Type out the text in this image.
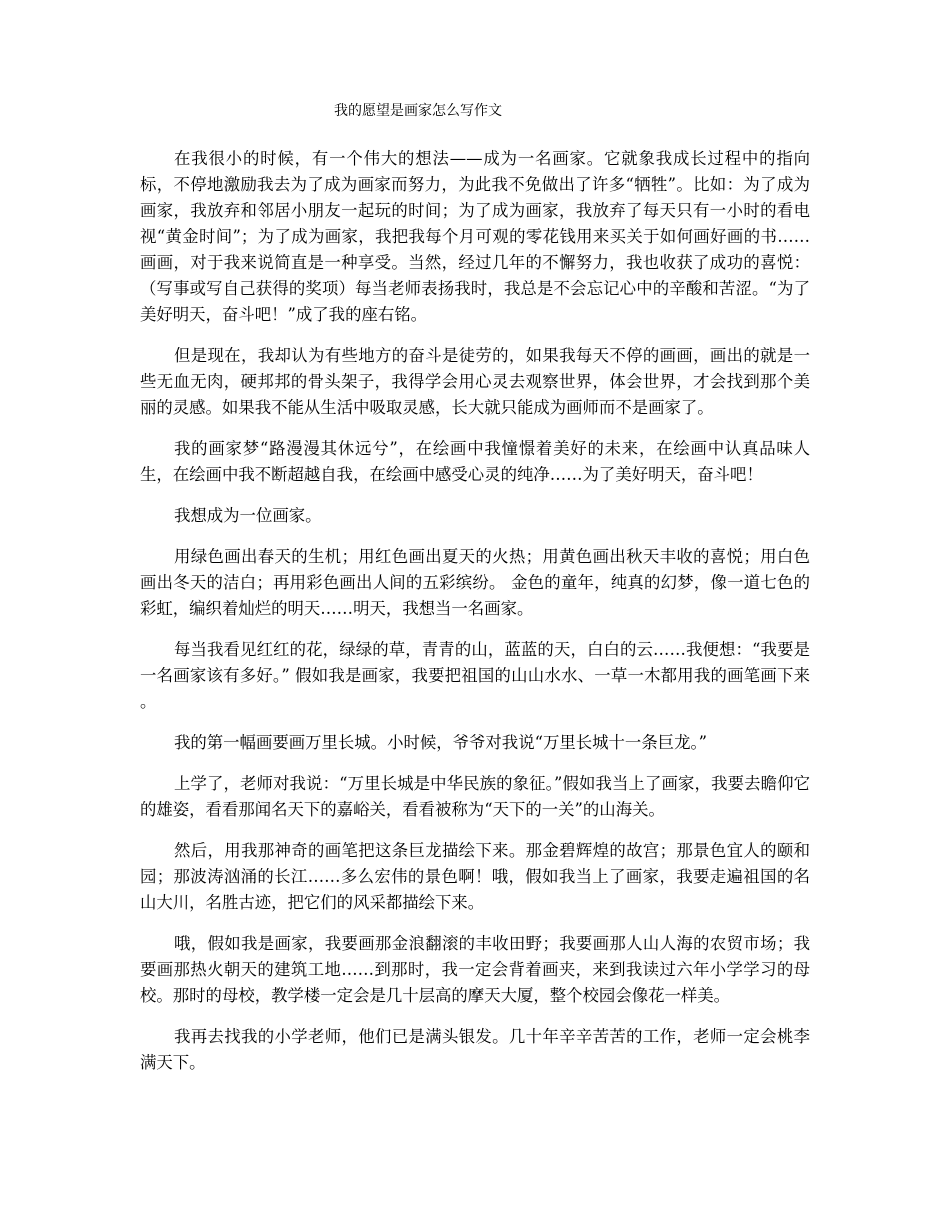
我的愿望是画家怎么写作文

在我很小的时候，有一个伟大的想法——成为一名画家。它就象我成长过程中的指向标，不停地激励我去为了成为画家而努力，为此我不免做出了许多“牺牲”。比如：为了成为画家，我放弃和邻居小朋友一起玩的时间；为了成为画家，我放弃了每天只有一小时的看电视“黄金时间”；为了成为画家，我把我每个月可观的零花钱用来买关于如何画好画的书……画画，对于我来说简直是一种享受。当然，经过几年的不懈努力，我也收获了成功的喜悦：（写事或写自己获得的奖项）每当老师表扬我时，我总是不会忘记心中的辛酸和苦涩。“为了美好明天，奋斗吧！”成了我的座右铭。

但是现在，我却认为有些地方的奋斗是徒劳的，如果我每天不停的画画，画出的就是一些无血无肉，硬邦邦的骨头架子，我得学会用心灵去观察世界，体会世界，才会找到那个美丽的灵感。如果我不能从生活中吸取灵感，长大就只能成为画师而不是画家了。

我的画家梦“路漫漫其休远兮”，在绘画中我憧憬着美好的未来，在绘画中认真品味人生，在绘画中我不断超越自我，在绘画中感受心灵的纯净……为了美好明天，奋斗吧！

我想成为一位画家。

用绿色画出春天的生机；用红色画出夏天的火热；用黄色画出秋天丰收的喜悦；用白色画出冬天的洁白；再用彩色画出人间的五彩缤纷。 金色的童年，纯真的幻梦，像一道七色的彩虹，编织着灿烂的明天……明天，我想当一名画家。

每当我看见红红的花，绿绿的草，青青的山，蓝蓝的天，白白的云……我便想：“我要是一名画家该有多好。” 假如我是画家，我要把祖国的山山水水、一草一木都用我的画笔画下来 。

我的第一幅画要画万里长城。小时候，爷爷对我说“万里长城十一条巨龙。”

上学了，老师对我说：“万里长城是中华民族的象征。”假如我当上了画家，我要去瞻仰它的雄姿，看看那闻名天下的嘉峪关，看看被称为“天下的一关”的山海关。

然后，用我那神奇的画笔把这条巨龙描绘下来。那金碧辉煌的故宫；那景色宜人的颐和园；那波涛汹涌的长江……多么宏伟的景色啊！哦，假如我当上了画家，我要走遍祖国的名山大川，名胜古迹，把它们的风采都描绘下来。

哦，假如我是画家，我要画那金浪翻滚的丰收田野；我要画那人山人海的农贸市场；我要画那热火朝天的建筑工地……到那时，我一定会背着画夹，来到我读过六年小学学习的母校。那时的母校，教学楼一定会是几十层高的摩天大厦，整个校园会像花一样美。

我再去找我的小学老师，他们已是满头银发。几十年辛辛苦苦的工作，老师一定会桃李满天下。
